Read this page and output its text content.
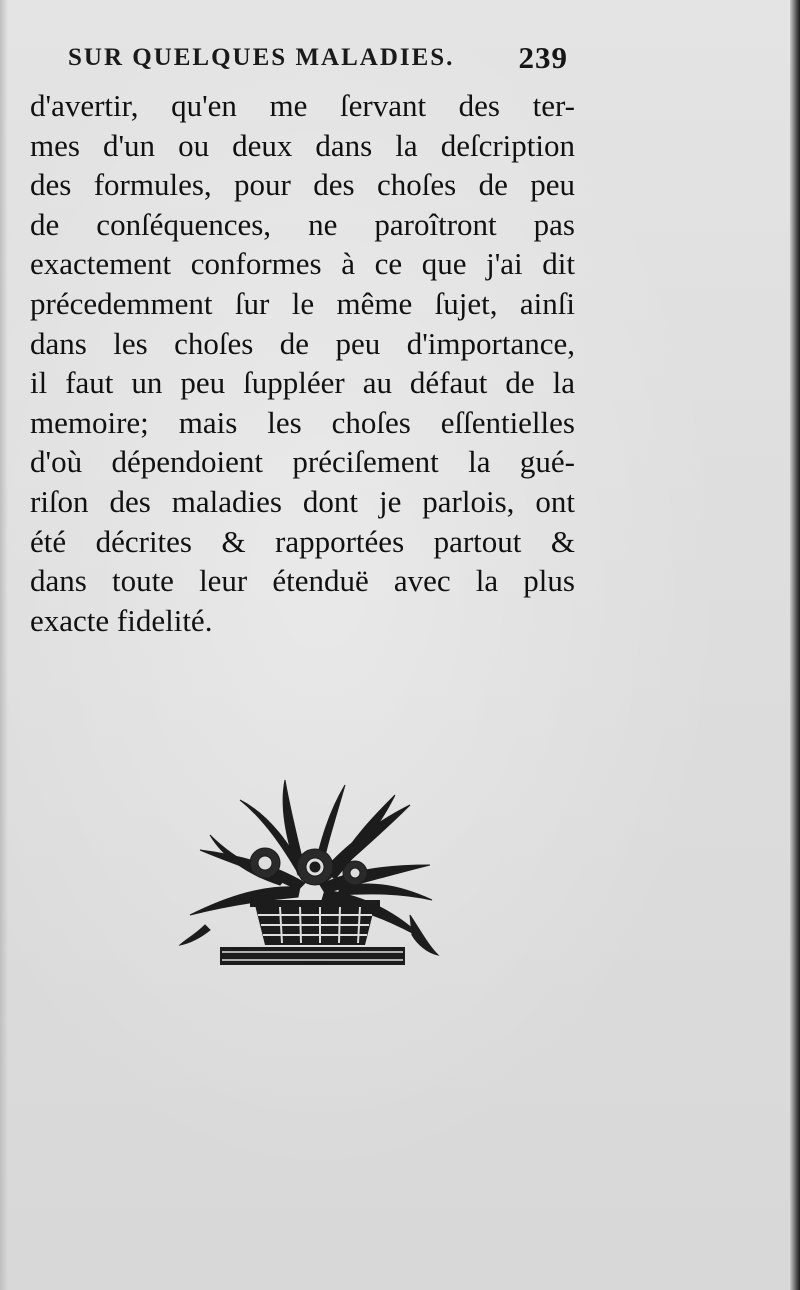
SUR QUELQUES MALADIES. 239
d'avertir, qu'en me ſervant des ter-
mes d'un ou deux dans la deſcription
des formules, pour des choſes de peu
de conſéquences, ne paroîtront pas
exactement conformes à ce que j'ai dit
précedemment ſur le même ſujet, ainſi
dans les choſes de peu d'importance,
il faut un peu ſuppléer au défaut de la
memoire; mais les choſes eſſentielles
d'où dépendoient préciſement la gué-
riſon des maladies dont je parlois, ont
été décrites & rapportées partout &
dans toute leur étenduë avec la plus
exacte fidelité.
